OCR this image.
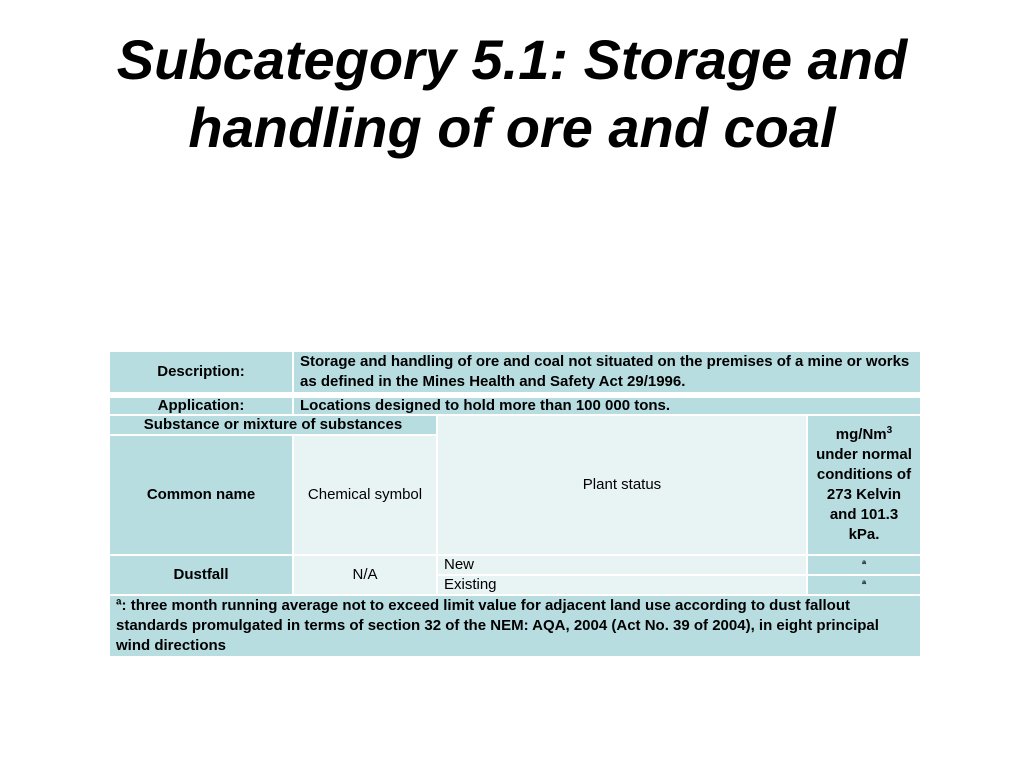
Subcategory 5.1: Storage and
handling of ore and coal
Description:	Storage and handling of ore and coal not situated on the premises of a mine or works as defined in the Mines Health and Safety Act 29/1996.		

Application:	Locations designed to hold more than 100 000 tons.		
Substance or mixture of substances		Plant status	mg/Nm$^3$ under normal conditions of 273 Kelvin and 101.3 kPa.
Common name	Chemical symbol		
Dustfall	N/A	New	ª
		Existing	ª
ª: three month running average not to exceed limit value for adjacent land use according to dust fallout standards promulgated in terms of section 32 of the NEM: AQA, 2004 (Act No. 39 of 2004), in eight principal wind directions			
